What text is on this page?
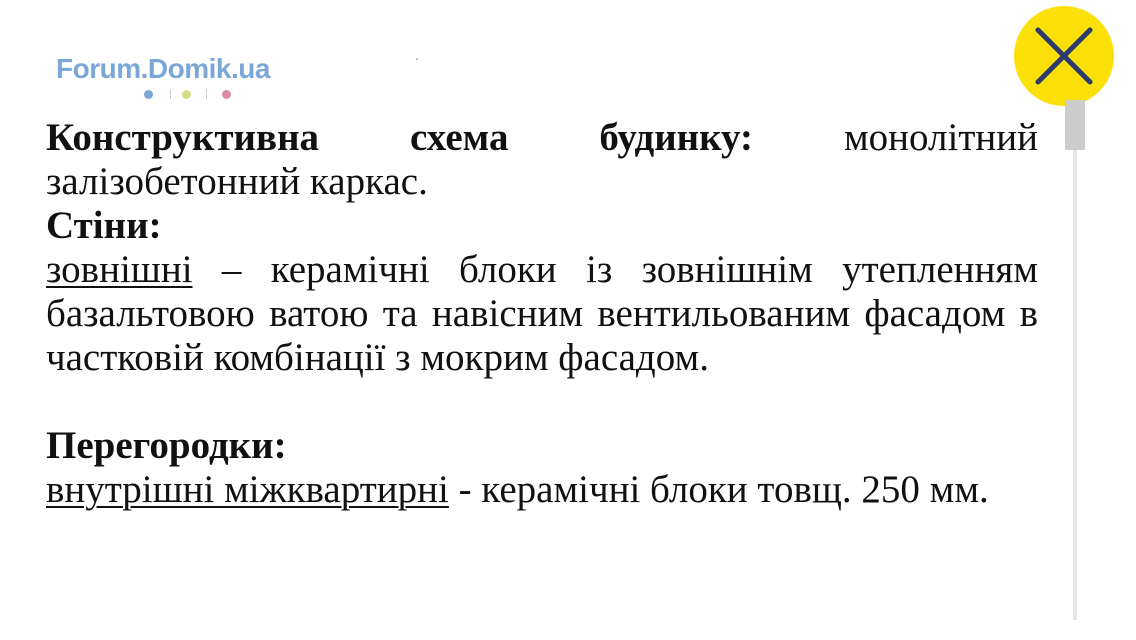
Forum.Domik.ua	ˊ

Конструктивна схема будинку: монолітний залізобетонний каркас.

Стіни:

зовнішні – керамічні блоки із зовнішнім утепленням базальтовою ватою та навісним вентильованим фасадом в частковій комбінації з мокрим фасадом.

Перегородки:

внутрішні міжквартирні - керамічні блоки товщ. 250 мм.
